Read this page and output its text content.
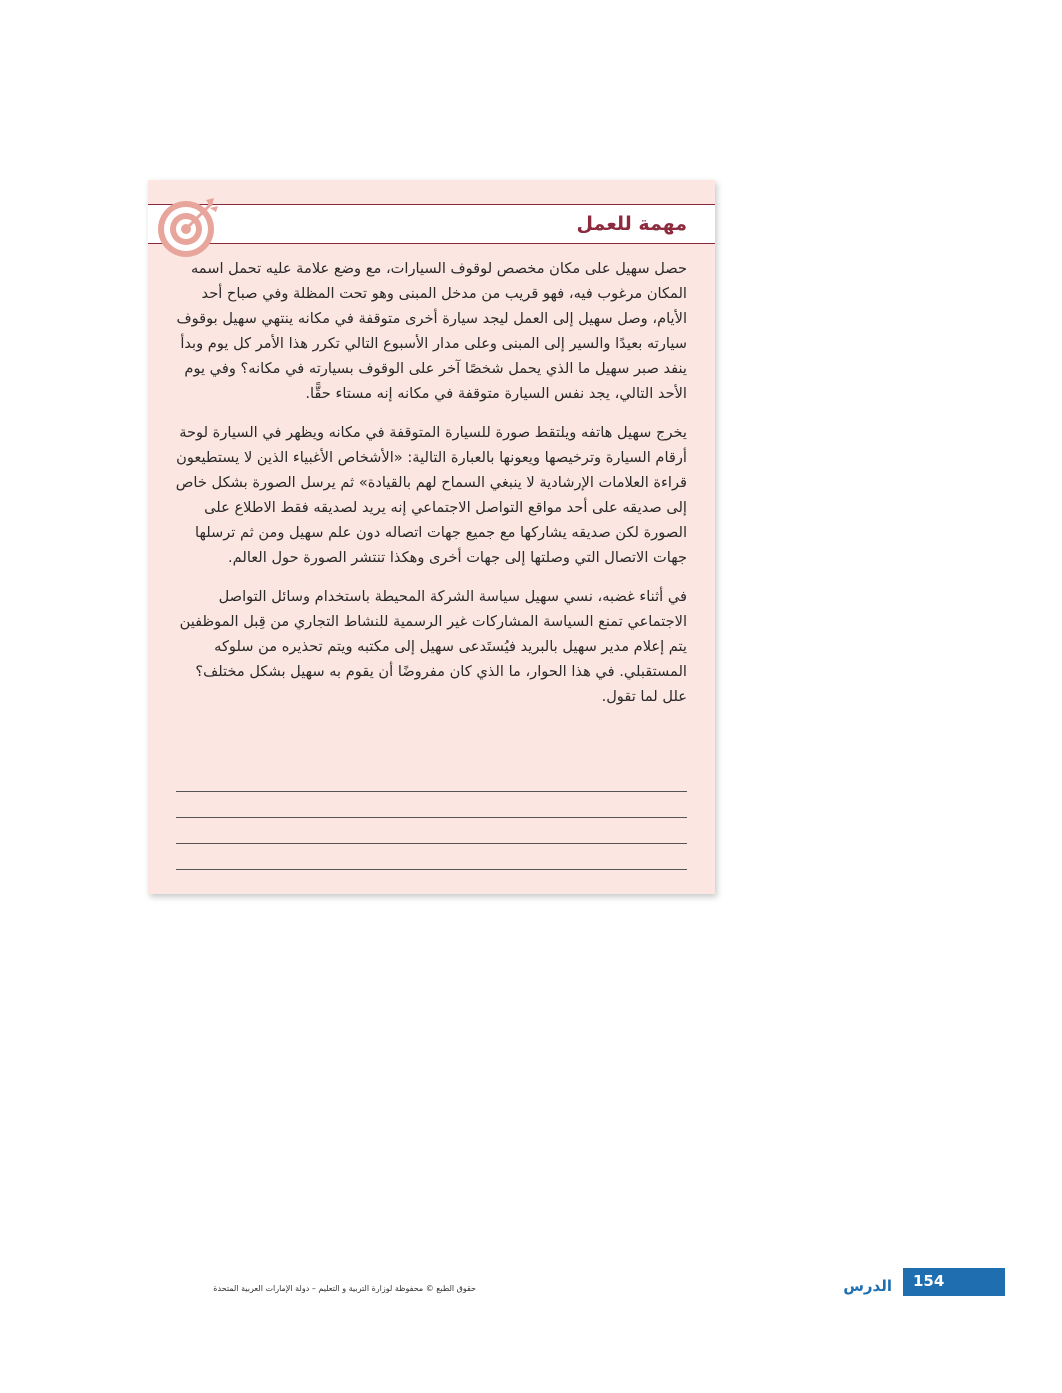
مهمة للعمل

حصل سهيل على مكان مخصص لوقوف السيارات، مع وضع علامة عليه تحمل اسمه المكان مرغوب فيه، فهو قريب من مدخل المبنى وهو تحت المظلة وفي صباح أحد الأيام، وصل سهيل إلى العمل ليجد سيارة أخرى متوقفة في مكانه ينتهي سهيل بوقوف سيارته بعيدًا والسير إلى المبنى وعلى مدار الأسبوع التالي تكرر هذا الأمر كل يوم وبدأ ينفد صبر سهيل ما الذي يحمل شخصًا آخر على الوقوف بسيارته في مكانه؟ وفي يوم الأحد التالي، يجد نفس السيارة متوقفة في مكانه إنه مستاء حقًّا.

يخرج سهيل هاتفه ويلتقط صورة للسيارة المتوقفة في مكانه ويظهر في السيارة لوحة أرقام السيارة وترخيصها ويعونها بالعبارة التالية: «الأشخاص الأغبياء الذين لا يستطيعون قراءة العلامات الإرشادية لا ينبغي السماح لهم بالقيادة» ثم يرسل الصورة بشكل خاص إلى صديقه على أحد مواقع التواصل الاجتماعي إنه يريد لصديقه فقط الاطلاع على الصورة لكن صديقه يشاركها مع جميع جهات اتصاله دون علم سهيل ومن ثم ترسلها جهات الاتصال التي وصلتها إلى جهات أخرى وهكذا تنتشر الصورة حول العالم.

في أثناء غضبه، نسي سهيل سياسة الشركة المحيطة باستخدام وسائل التواصل الاجتماعي تمنع السياسة المشاركات غير الرسمية للنشاط التجاري من قِبل الموظفين يتم إعلام مدير سهيل بالبريد فيُستَدعى سهيل إلى مكتبه ويتم تحذيره من سلوكه المستقبلي. في هذا الحوار، ما الذي كان مفروضًا أن يقوم به سهيل بشكل مختلف؟ علل لما تقول.

حقوق الطبع © محفوظة لوزارة التربية و التعليم – دولة الإمارات العربية المتحدة	الدرس 154
